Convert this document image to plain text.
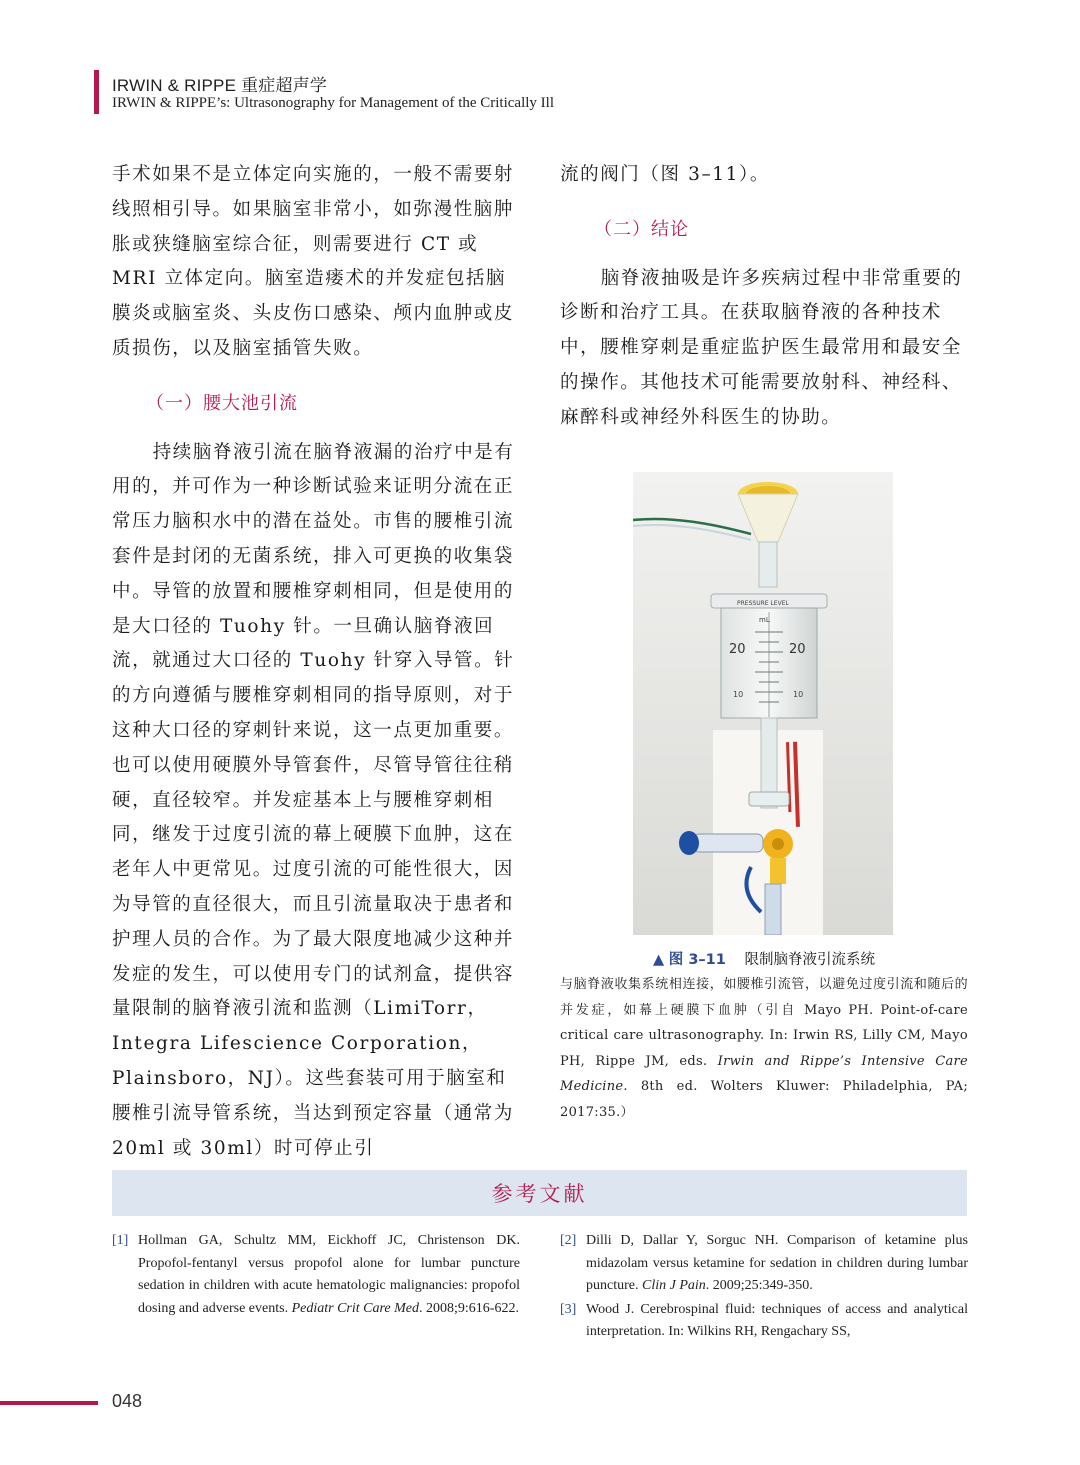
IRWIN & RIPPE 重症超声学
IRWIN & RIPPE’s: Ultrasonography for Management of the Critically Ill

手术如果不是立体定向实施的，一般不需要射线照相引导。如果脑室非常小，如弥漫性脑肿胀或狭缝脑室综合征，则需要进行 CT 或 MRI 立体定向。脑室造瘘术的并发症包括脑膜炎或脑室炎、头皮伤口感染、颅内血肿或皮质损伤，以及脑室插管失败。

（一）腰大池引流

持续脑脊液引流在脑脊液漏的治疗中是有用的，并可作为一种诊断试验来证明分流在正常压力脑积水中的潜在益处。市售的腰椎引流套件是封闭的无菌系统，排入可更换的收集袋中。导管的放置和腰椎穿刺相同，但是使用的是大口径的 Tuohy 针。一旦确认脑脊液回流，就通过大口径的 Tuohy 针穿入导管。针的方向遵循与腰椎穿刺相同的指导原则，对于这种大口径的穿刺针来说，这一点更加重要。也可以使用硬膜外导管套件，尽管导管往往稍硬，直径较窄。并发症基本上与腰椎穿刺相同，继发于过度引流的幕上硬膜下血肿，这在老年人中更常见。过度引流的可能性很大，因为导管的直径很大，而且引流量取决于患者和护理人员的合作。为了最大限度地减少这种并发症的发生，可以使用专门的试剂盒，提供容量限制的脑脊液引流和监测（LimiTorr，Integra Lifescience Corporation，Plainsboro，NJ）。这些套装可用于脑室和腰椎引流导管系统，当达到预定容量（通常为 20ml 或 30ml）时可停止引

流的阀门（图 3–11）。

（二）结论

脑脊液抽吸是许多疾病过程中非常重要的诊断和治疗工具。在获取脑脊液的各种技术中，腰椎穿刺是重症监护医生最常用和最安全的操作。其他技术可能需要放射科、神经科、麻醉科或神经外科医生的协助。

20	20
10	10
mL
PRESSURE LEVEL
▲ 图 3–11 限制脑脊液引流系统
与脑脊液收集系统相连接，如腰椎引流管，以避免过度引流和随后的并发症，如幕上硬膜下血肿（引自 Mayo PH. Point-of-care critical care ultrasonography. In: Irwin RS, Lilly CM, Mayo PH, Rippe JM, eds. Irwin and Rippe’s Intensive Care Medicine. 8th ed. Wolters Kluwer: Philadelphia, PA; 2017:35.）
参考文献
[1] Hollman GA, Schultz MM, Eickhoff JC, Christenson DK. Propofol-fentanyl versus propofol alone for lumbar puncture sedation in children with acute hematologic malignancies: propofol dosing and adverse events. Pediatr Crit Care Med. 2008;9:616-622.
[2] Dilli D, Dallar Y, Sorguc NH. Comparison of ketamine plus midazolam versus ketamine for sedation in children during lumbar puncture. Clin J Pain. 2009;25:349-350.
[3] Wood J. Cerebrospinal fluid: techniques of access and analytical interpretation. In: Wilkins RH, Rengachary SS,
048
